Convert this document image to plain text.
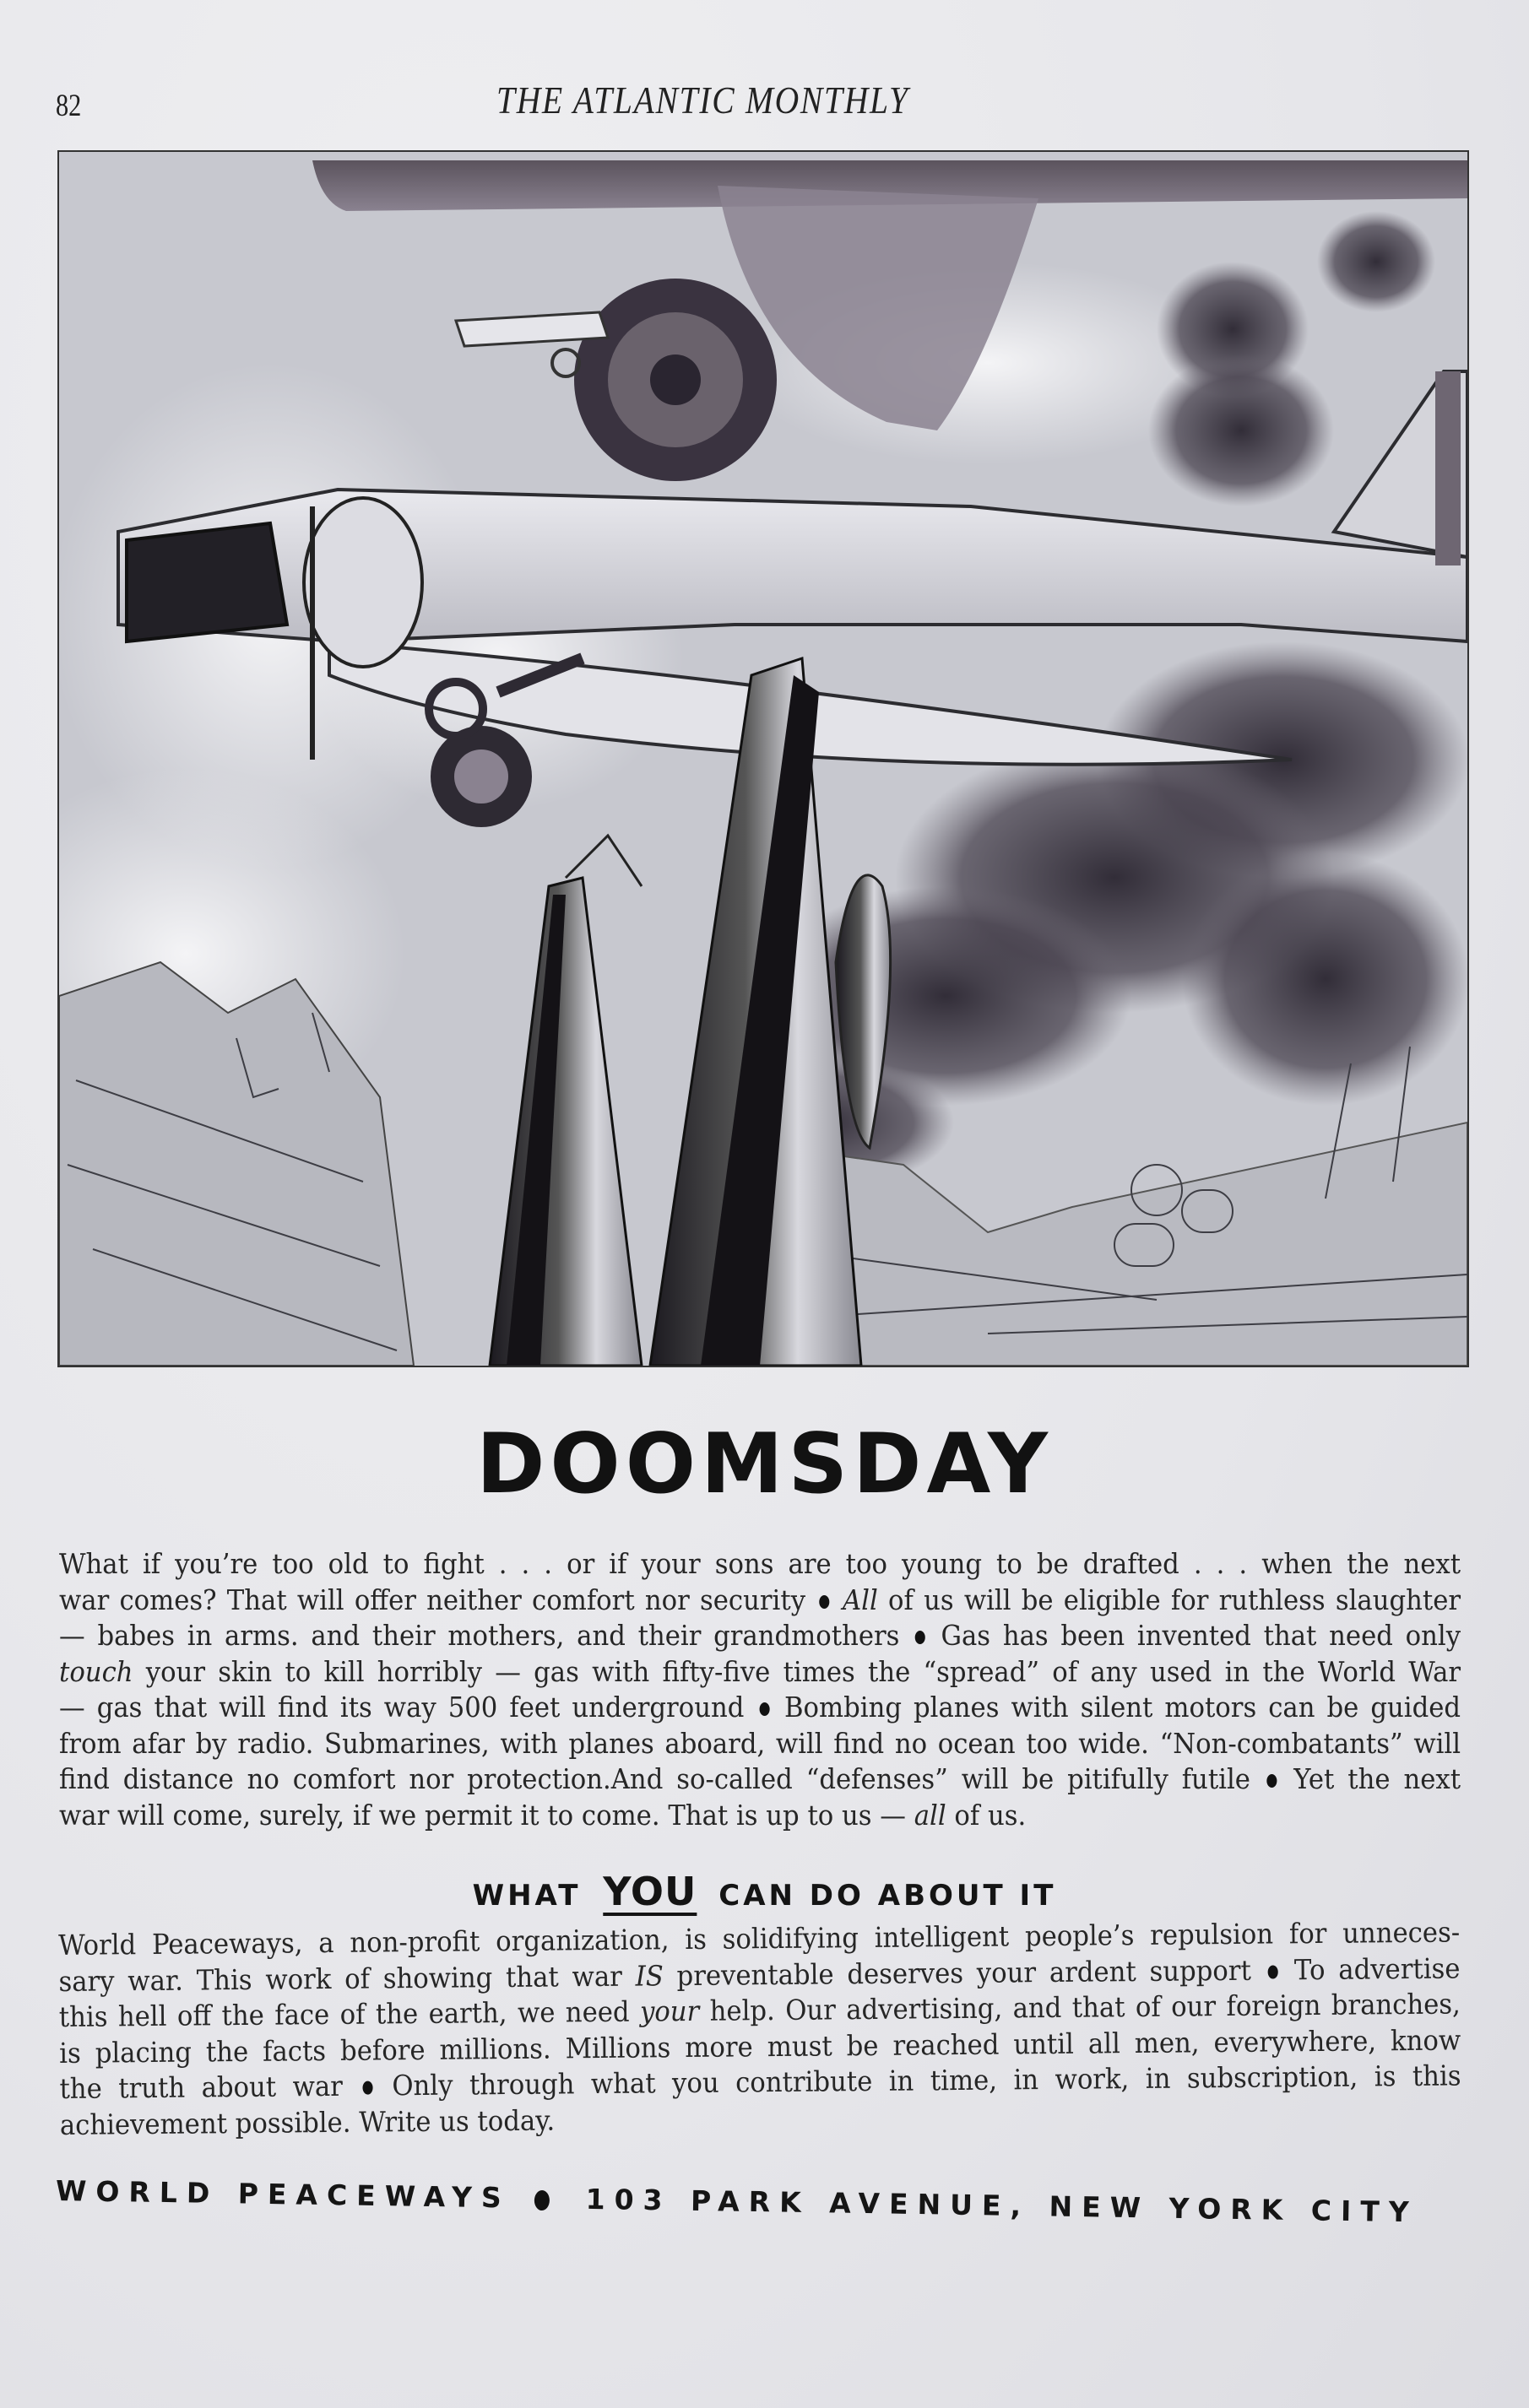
82	THE ATLANTIC MONTHLY
DOOMSDAY
What if you’re too old to fight . . . or if your sons are too young to be drafted . . . when the next
war comes? That will offer neither comfort nor security  All of us will be eligible for ruthless slaughter
— babes in arms. and their mothers, and their grandmothers  Gas has been invented that need only
touch your skin to kill horribly — gas with fifty-five times the “spread” of any used in the World War
— gas that will find its way 500 feet underground  Bombing planes with silent motors can be guided
from afar by radio. Submarines, with planes aboard, will find no ocean too wide. “Non-combatants” will
find distance no comfort nor protection.And so-called “defenses” will be pitifully futile  Yet the next
war will come, surely, if we permit it to come. That is up to us — all of us.
WHAT YOU CAN DO ABOUT IT
World Peaceways, a non-profit organization, is solidifying intelligent people’s repulsion for unneces-
sary war. This work of showing that war IS preventable deserves your ardent support  To advertise
this hell off the face of the earth, we need your help. Our advertising, and that of our foreign branches,
is placing the facts before millions. Millions more must be reached until all men, everywhere, know
the truth about war  Only through what you contribute in time, in work, in subscription, is this
achievement possible. Write us today.
WORLD PEACEWAYS	103 PARK AVENUE, NEW YORK CITY
